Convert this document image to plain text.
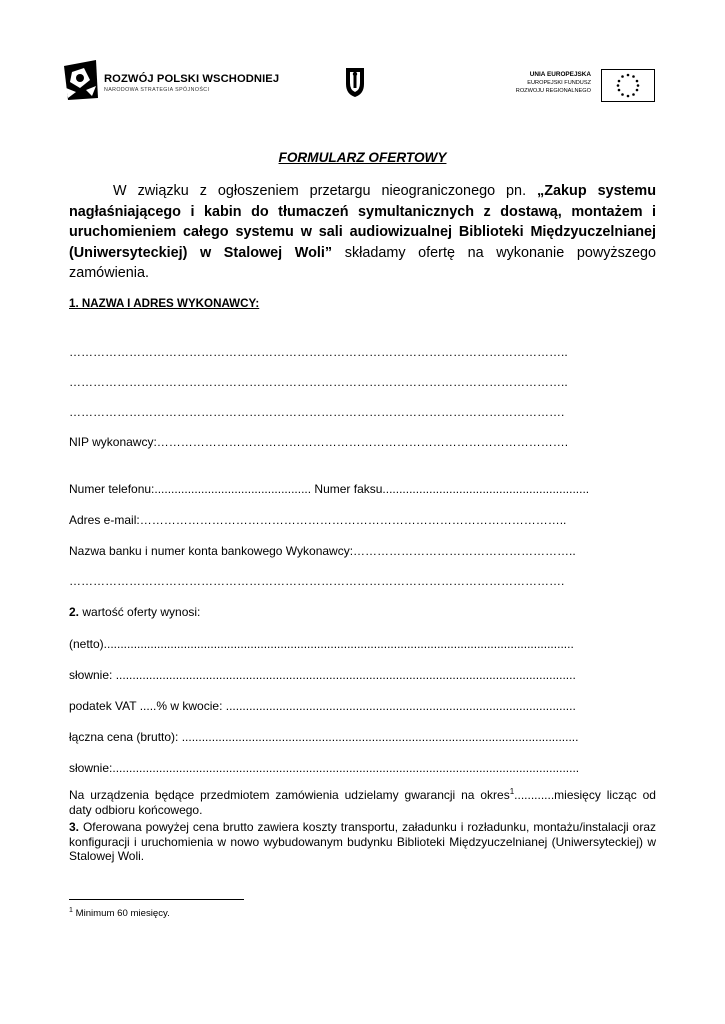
ROZWÓJ POLSKI WSCHODNIEJ
NARODOWA STRATEGIA SPÓJNOŚCI
UNIA EUROPEJSKA
EUROPEJSKI FUNDUSZ
ROZWOJU REGIONALNEGO
FORMULARZ OFERTOWY

W związku z ogłoszeniem przetargu nieograniczonego pn. „Zakup systemu nagłaśniającego i kabin do tłumaczeń symultanicznych z dostawą, montażem i uruchomieniem całego systemu w sali audiowizualnej Biblioteki Międzyuczelnianej (Uniwersyteckiej) w Stalowej Woli” składamy ofertę na wykonanie powyższego zamówienia.

1. NAZWA I ADRES WYKONAWCY:
……………………………………………………………………………………………………………..
……………………………………………………………………………………………………………..
…………………………………………………………………………………………………………….
NIP wykonawcy:………………………………………………………………………………………….
Numer telefonu:............................................... Numer faksu..............................................................
Adres e-mail:……………………………………………………………………………………………..
Nazwa banku i numer konta bankowego Wykonawcy:………………………………………………..
…………………………………………………………………………………………………………….
2. wartość oferty wynosi:
(netto).............................................................................................................................................
słownie: ..........................................................................................................................................
podatek VAT .....% w kwocie: .........................................................................................................
łączna cena (brutto): .......................................................................................................................
słownie:............................................................................................................................................

Na urządzenia będące przedmiotem zamówienia udzielamy gwarancji na okres$^1$............miesięcy licząc od daty odbioru końcowego.

3. Oferowana powyżej cena brutto zawiera koszty transportu, załadunku i rozładunku, montażu/instalacji oraz konfiguracji i uruchomienia w nowo wybudowanym budynku Biblioteki Międzyuczelnianej (Uniwersyteckiej) w Stalowej Woli.

$^1$ Minimum 60 miesięcy.
